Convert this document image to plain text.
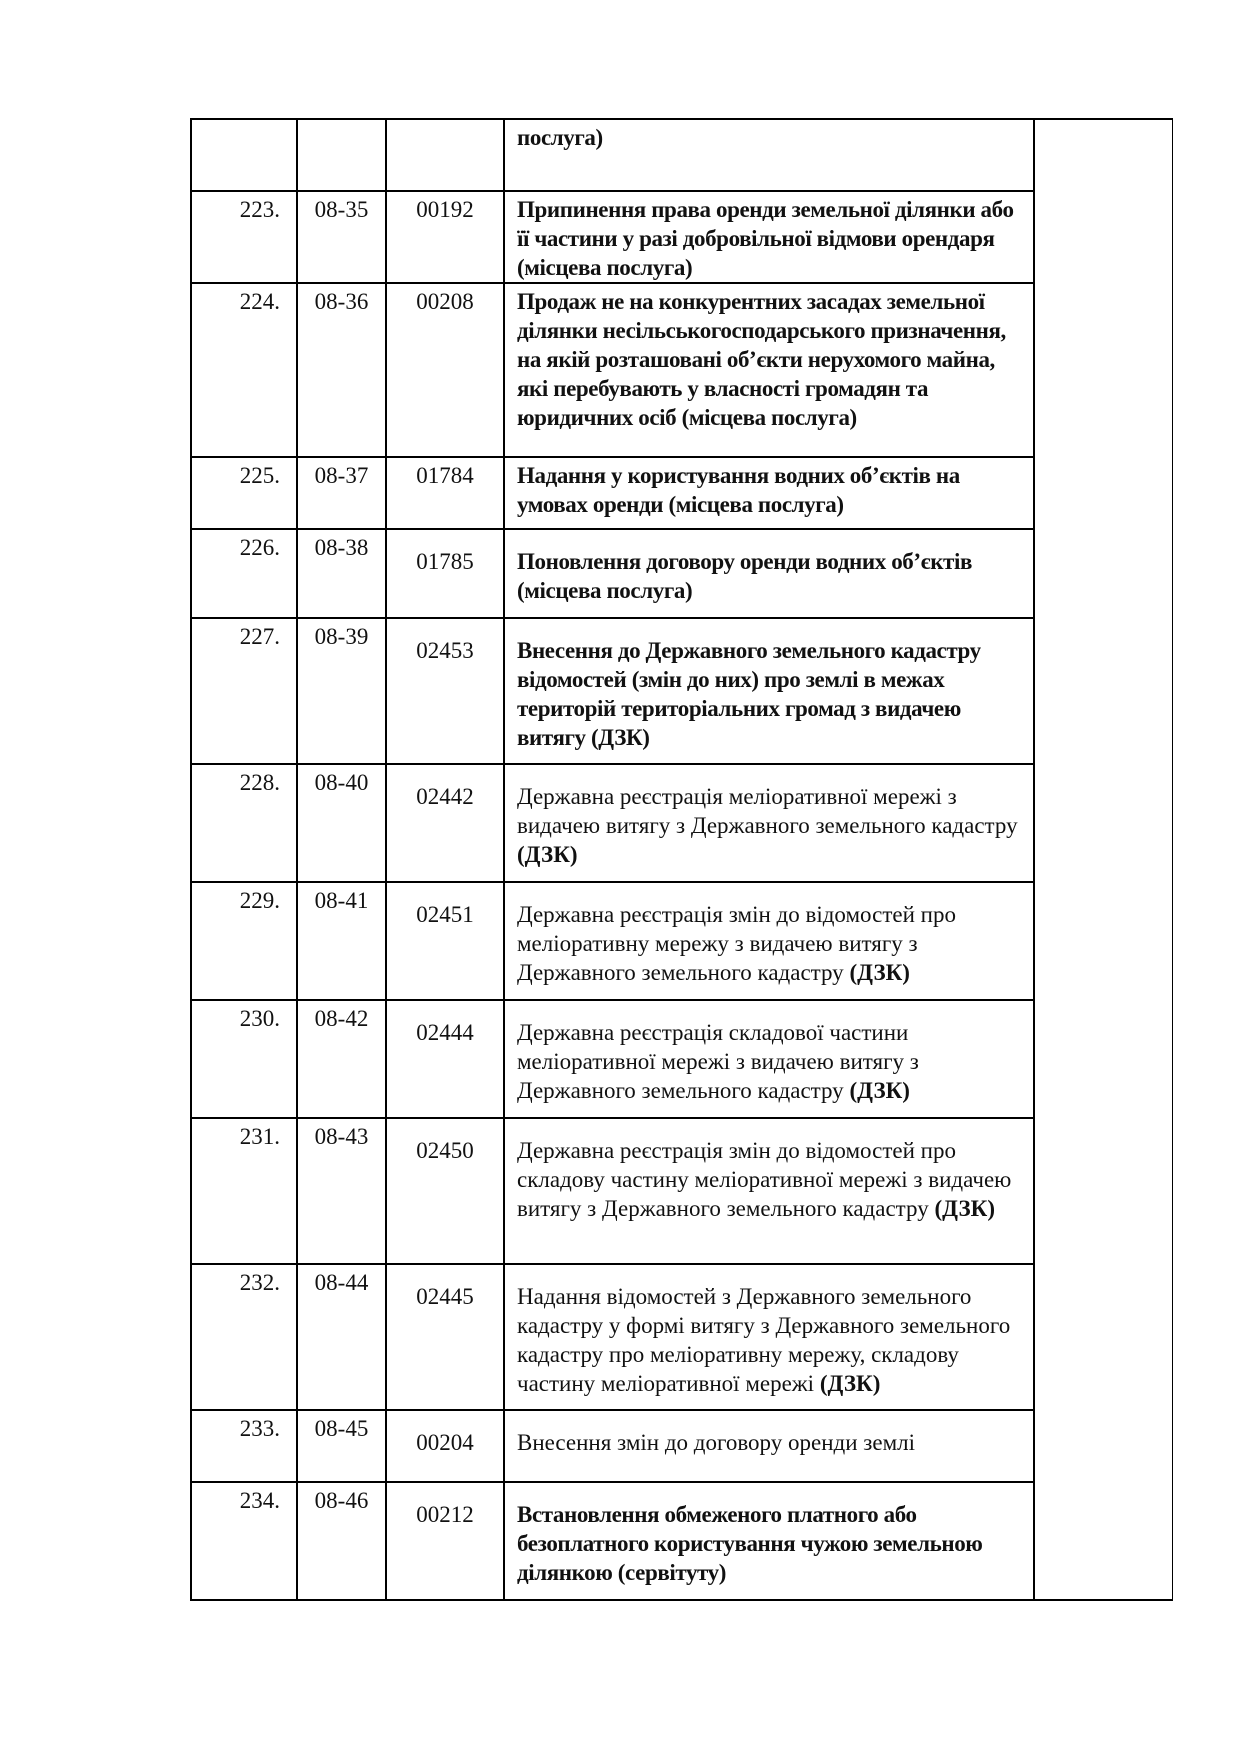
			послуга)	
223.	08-35	00192	Припинення права оренди земельної ділянки або її частини у разі добровільної відмови орендаря (місцева послуга)	
224.	08-36	00208	Продаж не на конкурентних засадах земельної ділянки несільськогосподарського призначення, на якій розташовані об’єкти нерухомого майна, які перебувають у власності громадян та юридичних осіб (місцева послуга)	
225.	08-37	01784	Надання у користування водних об’єктів на умовах оренди (місцева послуга)	
226.	08-38	01785	Поновлення договору оренди водних об’єктів (місцева послуга)	
227.	08-39	02453	Внесення до Державного земельного кадастру відомостей (змін до них) про землі в межах територій територіальних громад з видачею витягу (ДЗК)	
228.	08-40	02442	Державна реєстрація меліоративної мережі з видачею витягу з Державного земельного кадастру (ДЗК)	
229.	08-41	02451	Державна реєстрація змін до відомостей про меліоративну мережу з видачею витягу з Державного земельного кадастру (ДЗК)	
230.	08-42	02444	Державна реєстрація складової частини меліоративної мережі з видачею витягу з Державного земельного кадастру (ДЗК)	
231.	08-43	02450	Державна реєстрація змін до відомостей про складову частину меліоративної мережі з видачею витягу з Державного земельного кадастру (ДЗК)	
232.	08-44	02445	Надання відомостей з Державного земельного кадастру у формі витягу з Державного земельного кадастру про меліоративну мережу, складову частину меліоративної мережі (ДЗК)	
233.	08-45	00204	Внесення змін до договору оренди землі	
234.	08-46	00212	Встановлення обмеженого платного або безоплатного користування чужою земельною ділянкою (сервітуту)	
